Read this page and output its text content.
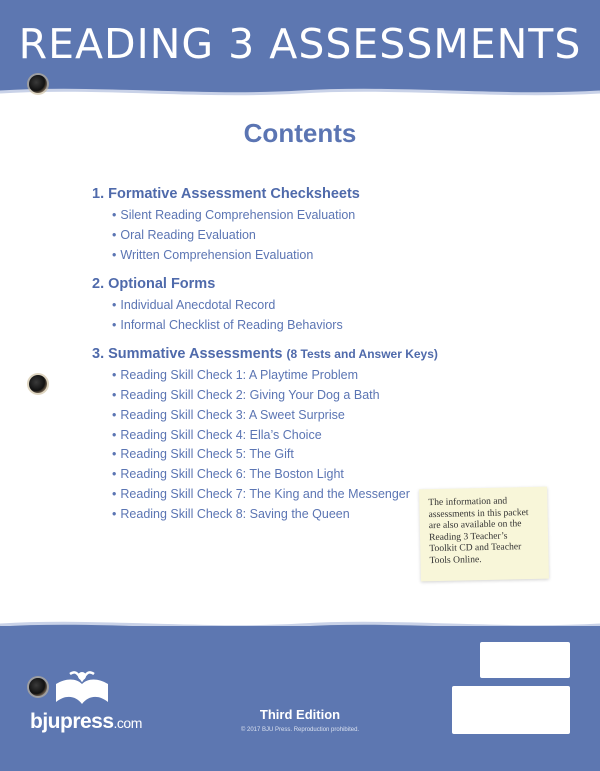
READING 3 ASSESSMENTS
Contents
1. Formative Assessment Checksheets
• Silent Reading Comprehension Evaluation
• Oral Reading Evaluation
• Written Comprehension Evaluation
2. Optional Forms
• Individual Anecdotal Record
• Informal Checklist of Reading Behaviors
3. Summative Assessments (8 Tests and Answer Keys)
• Reading Skill Check 1: A Playtime Problem
• Reading Skill Check 2: Giving Your Dog a Bath
• Reading Skill Check 3: A Sweet Surprise
• Reading Skill Check 4: Ella’s Choice
• Reading Skill Check 5: The Gift
• Reading Skill Check 6: The Boston Light
• Reading Skill Check 7: The King and the Messenger
• Reading Skill Check 8: Saving the Queen
The information and
assessments in this packet
are also available on the
Reading 3 Teacher’s
Toolkit CD and Teacher
Tools Online.
bjupress.com
Third Edition
© 2017 BJU Press. Reproduction prohibited.
